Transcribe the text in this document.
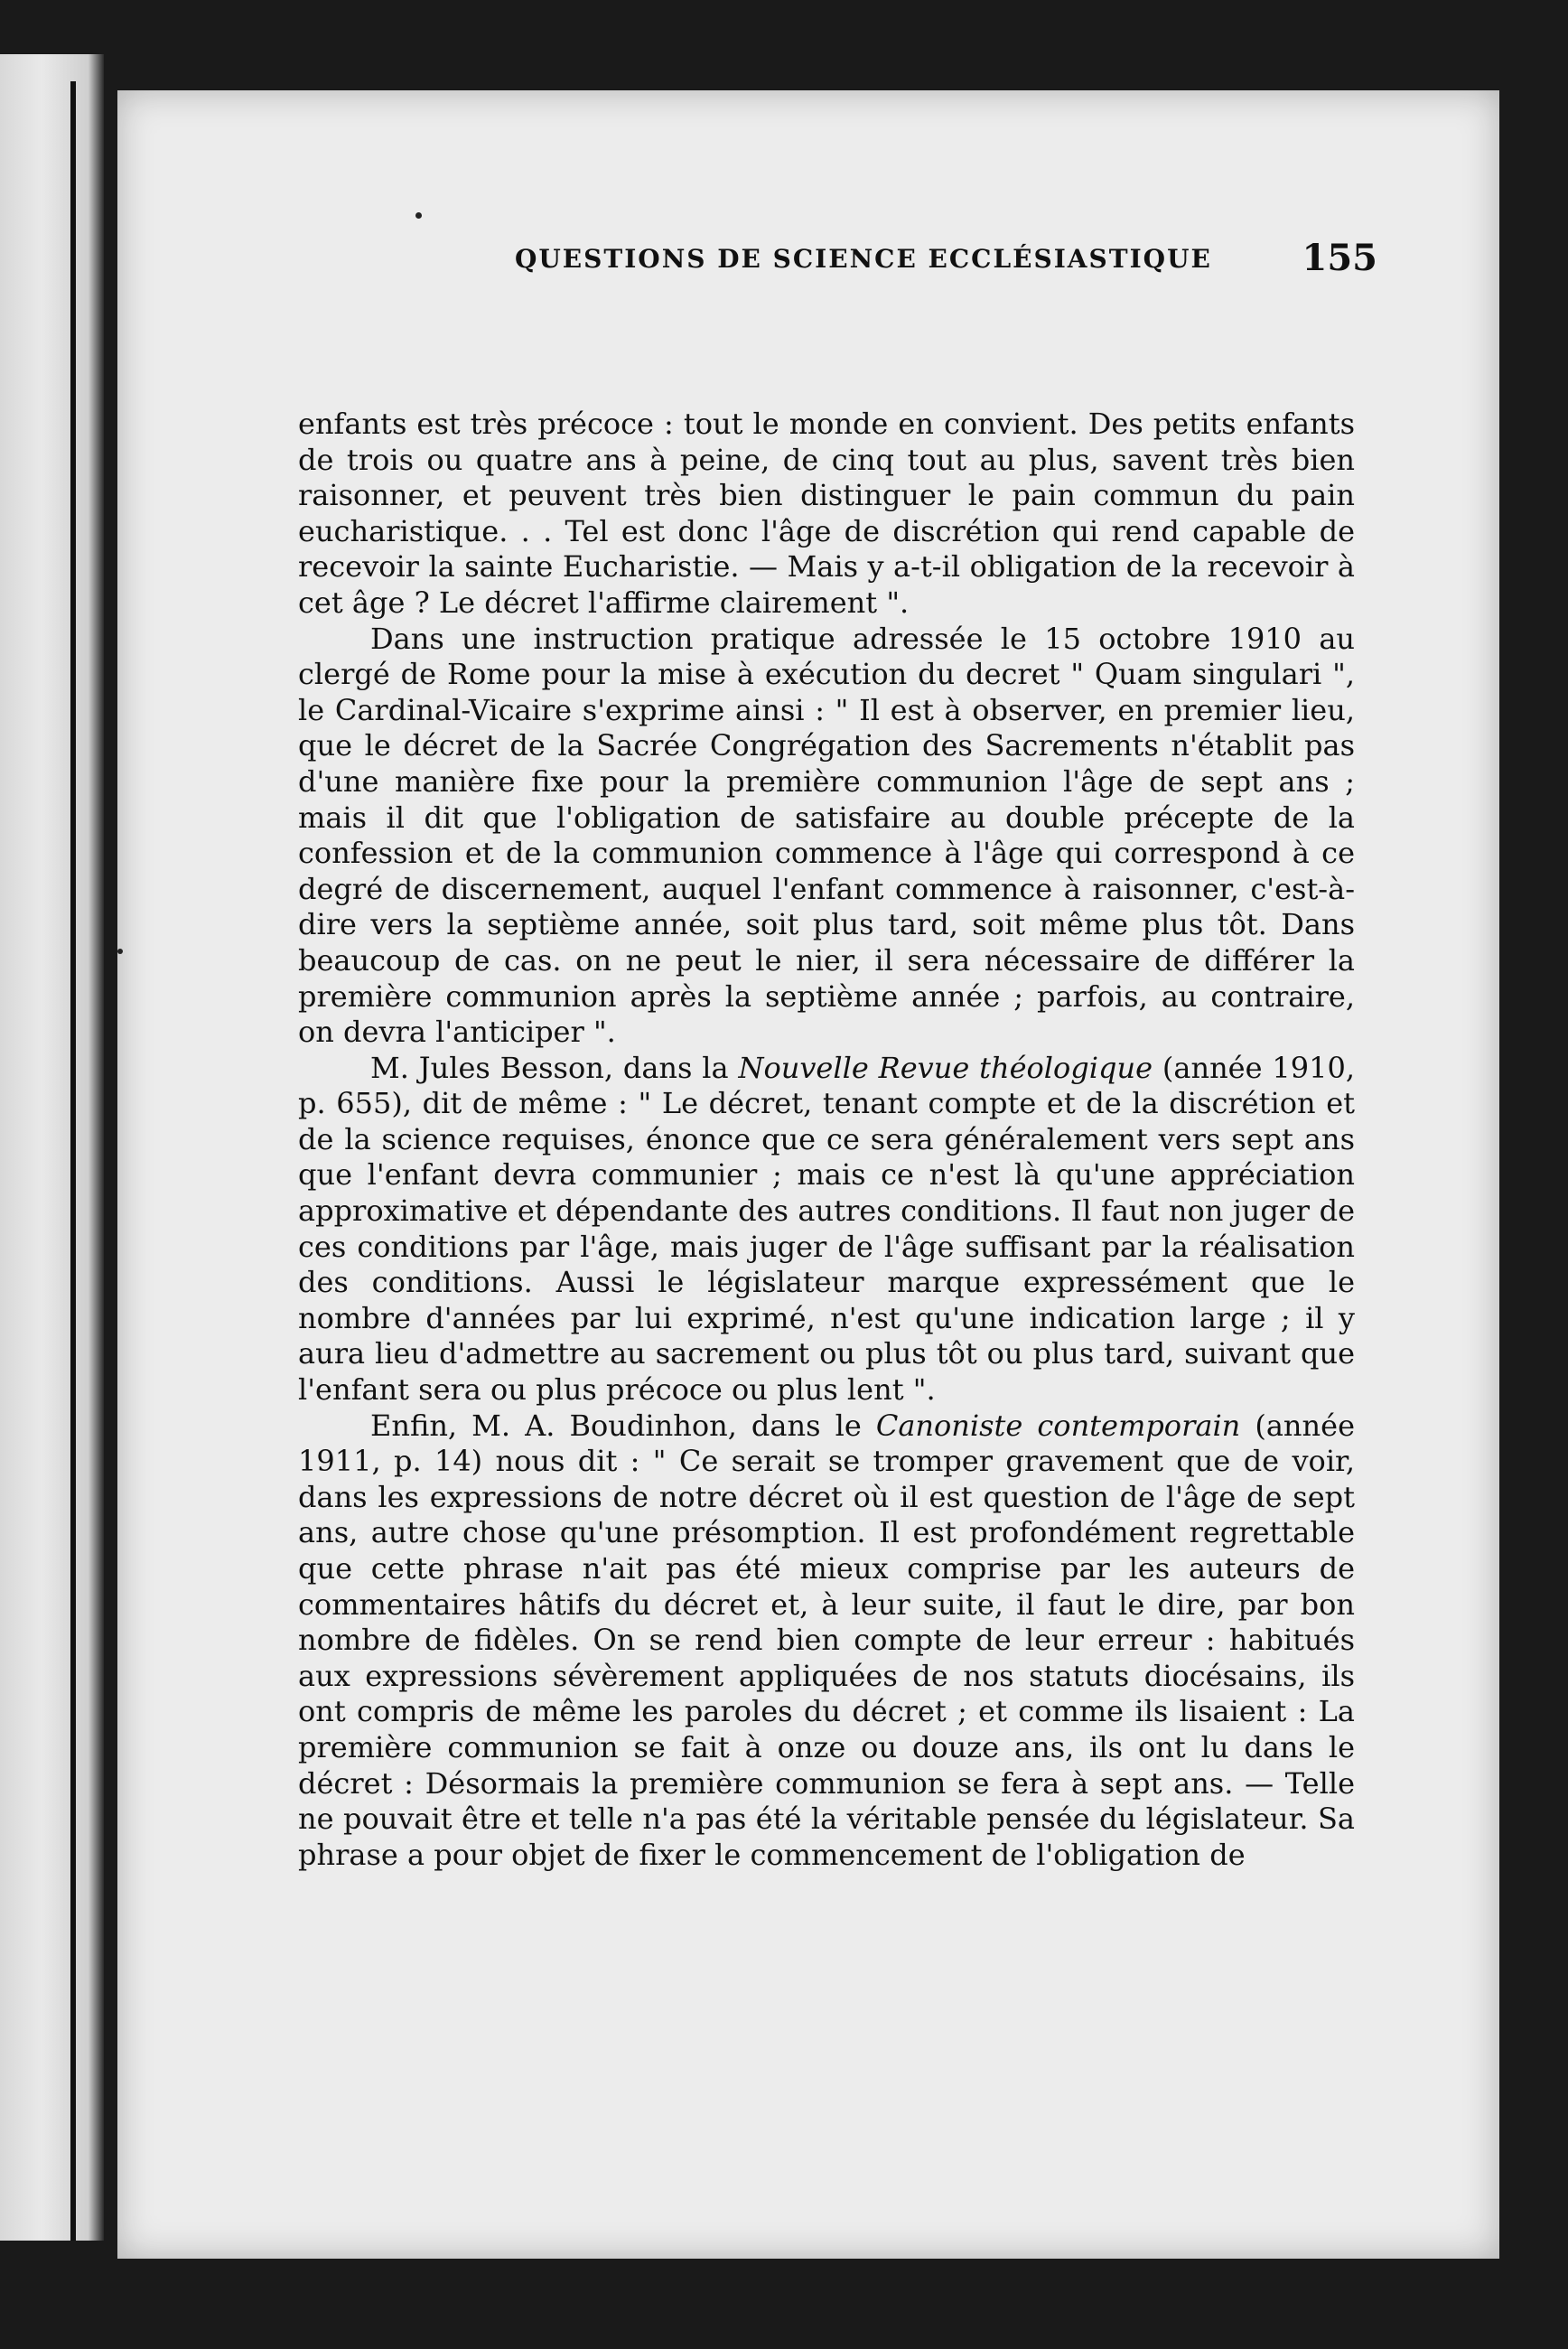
QUESTIONS DE SCIENCE ECCLÉSIASTIQUE 155

enfants est très précoce : tout le monde en convient. Des petits enfants de trois ou quatre ans à peine, de cinq tout au plus, savent très bien raisonner, et peuvent très bien distinguer le pain commun du pain eucharistique. . . Tel est donc l'âge de discrétion qui rend capable de recevoir la sainte Eucharistie. — Mais y a-t-il obligation de la recevoir à cet âge ? Le décret l'affirme clairement ".

Dans une instruction pratique adressée le 15 octobre 1910 au clergé de Rome pour la mise à exécution du decret " Quam singulari ", le Cardinal-Vicaire s'exprime ainsi : " Il est à observer, en premier lieu, que le décret de la Sacrée Congrégation des Sacrements n'établit pas d'une manière fixe pour la première communion l'âge de sept ans ; mais il dit que l'obligation de satisfaire au double précepte de la confession et de la communion commence à l'âge qui correspond à ce degré de discernement, auquel l'enfant commence à raisonner, c'est-à-dire vers la septième année, soit plus tard, soit même plus tôt. Dans beaucoup de cas. on ne peut le nier, il sera nécessaire de différer la première communion après la septième année ; parfois, au contraire, on devra l'anticiper ".

M. Jules Besson, dans la Nouvelle Revue théologique (année 1910, p. 655), dit de même : " Le décret, tenant compte et de la discrétion et de la science requises, énonce que ce sera généralement vers sept ans que l'enfant devra communier ; mais ce n'est là qu'une appréciation approximative et dépendante des autres conditions. Il faut non juger de ces conditions par l'âge, mais juger de l'âge suffisant par la réalisation des conditions. Aussi le législateur marque expressément que le nombre d'années par lui exprimé, n'est qu'une indication large ; il y aura lieu d'admettre au sacrement ou plus tôt ou plus tard, suivant que l'enfant sera ou plus précoce ou plus lent ".

Enfin, M. A. Boudinhon, dans le Canoniste contemporain (année 1911, p. 14) nous dit : " Ce serait se tromper gravement que de voir, dans les expressions de notre décret où il est question de l'âge de sept ans, autre chose qu'une présomption. Il est profondément regrettable que cette phrase n'ait pas été mieux comprise par les auteurs de commentaires hâtifs du décret et, à leur suite, il faut le dire, par bon nombre de fidèles. On se rend bien compte de leur erreur : habitués aux expressions sévèrement appliquées de nos statuts diocésains, ils ont compris de même les paroles du décret ; et comme ils lisaient : La première communion se fait à onze ou douze ans, ils ont lu dans le décret : Désormais la première communion se fera à sept ans. — Telle ne pouvait être et telle n'a pas été la véritable pensée du législateur. Sa phrase a pour objet de fixer le commencement de l'obligation de
